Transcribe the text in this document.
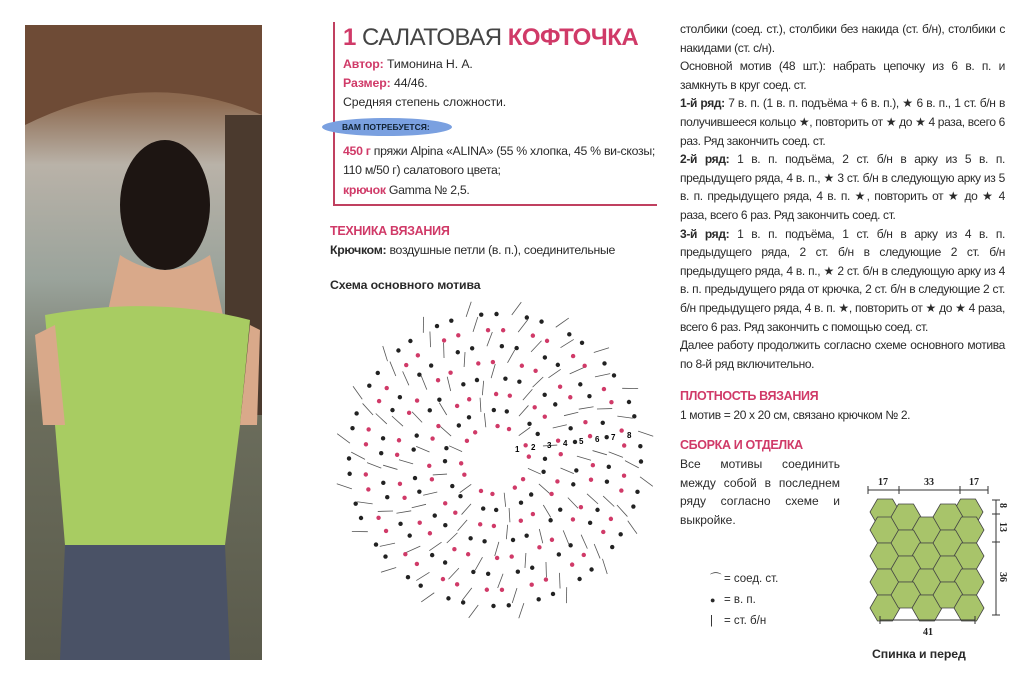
1 САЛАТОВАЯ КОФТОЧКА
Автор: Тимонина Н. А.
Размер: 44/46.
Средняя степень сложности.
ВАМ ПОТРЕБУЕТСЯ:
450 г пряжи Alpina «ALINA» (55 % хлопка, 45 % ви-скозы; 110 м/50 г) салатового цвета;
крючок Gamma № 2,5.
ТЕХНИКА ВЯЗАНИЯ
Крючком: воздушные петли (в. п.), соединительные
Схема основного мотива
1 2 3 4 5 6 7 8
столбики (соед. ст.), столбики без накида (ст. б/н), столбики с накидами (ст. с/н).
Основной мотив (48 шт.): набрать цепочку из 6 в. п. и замкнуть в круг соед. ст.
1-й ряд: 7 в. п. (1 в. п. подъёма + 6 в. п.), ★ 6 в. п., 1 ст. б/н в получившееся кольцо ★, повторить от ★ до ★ 4 раза, всего 6 раз. Ряд закончить соед. ст.
2-й ряд: 1 в. п. подъёма, 2 ст. б/н в арку из 5 в. п. предыдущего ряда, 4 в. п., ★ 3 ст. б/н в следующую арку из 5 в. п. предыдущего ряда, 4 в. п. ★, повторить от ★ до ★ 4 раза, всего 6 раз. Ряд закончить соед. ст.
3-й ряд: 1 в. п. подъёма, 1 ст. б/н в арку из 4 в. п. предыдущего ряда, 2 ст. б/н в следующие 2 ст. б/н предыдущего ряда, 4 в. п., ★ 2 ст. б/н в следующую арку из 4 в. п. предыдущего ряда от крючка, 2 ст. б/н в следующие 2 ст. б/н предыдущего ряда, 4 в. п. ★, повторить от ★ до ★ 4 раза, всего 6 раз. Ряд закончить с помощью соед. ст.
Далее работу продолжить согласно схеме основного мотива по 8-й ряд включительно.
ПЛОТНОСТЬ ВЯЗАНИЯ
1 мотив = 20 х 20 см, связано крючком № 2.
СБОРКА И ОТДЕЛКА
Все мотивы соединить между собой в последнем ряду согласно схеме и выкройке.
⌒ = соед. ст.
● = в. п.
| = ст. б/н
17	33	17
8
13
36
41
Спинка и перед
